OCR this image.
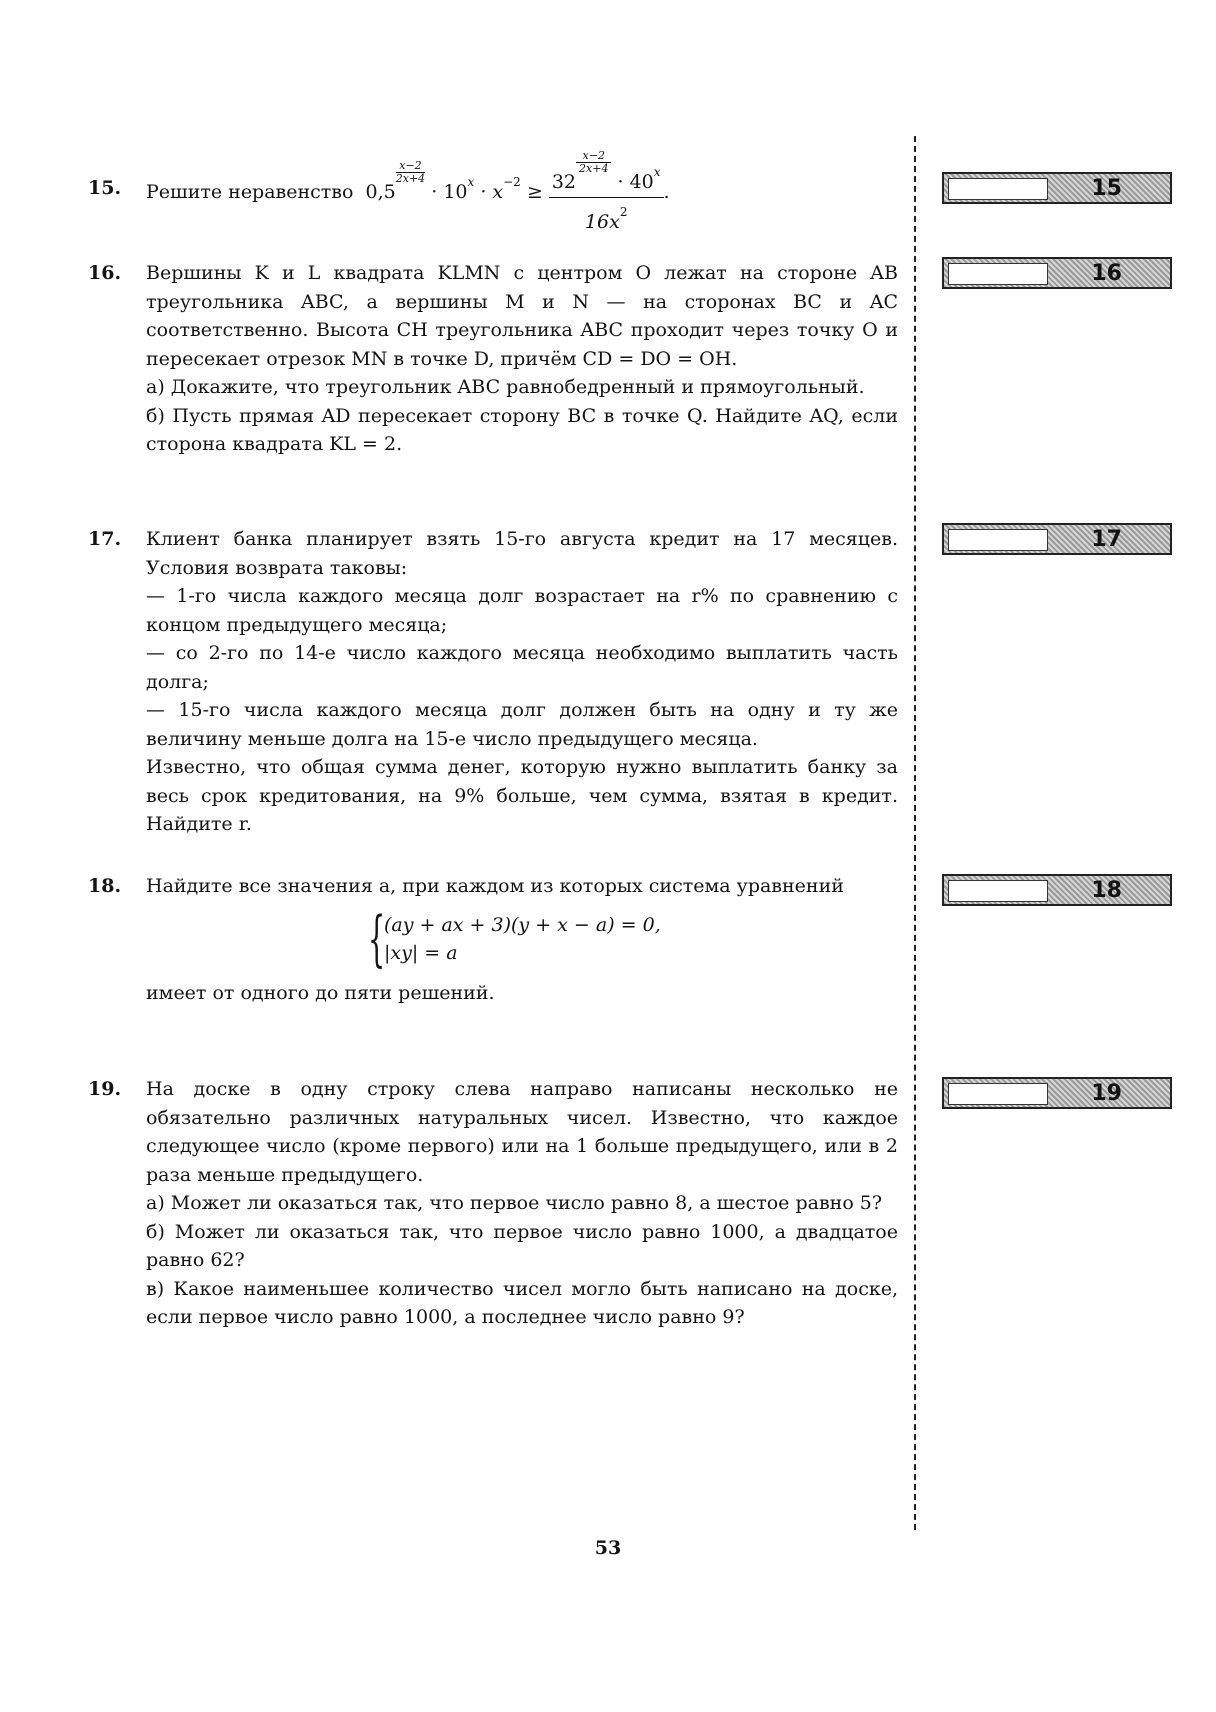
15. Решите неравенство 0,5
$\frac{x-2}{2x+4}$
· $10^x \cdot x^{-2} \ge 32$
$\frac{x-2}{2x+4}$
· $40^x$
$16x^2$ .
16. Вершины K и L квадрата KLMN с центром O лежат на стороне AB треугольника ABC, а вершины M и N — на сторонах BC и AC соответственно. Высота CH треугольника ABC проходит через точку O и пересекает отрезок MN в точке D, причём CD = DO = OH.

а) Докажите, что треугольник ABC равнобедренный и прямоугольный.

б) Пусть прямая AD пересекает сторону BC в точке Q. Найдите AQ, если сторона квадрата KL = 2.

17. Клиент банка планирует взять 15-го августа кредит на 17 месяцев. Условия возврата таковы:

— 1-го числа каждого месяца долг возрастает на r% по сравнению с концом предыдущего месяца;

— со 2-го по 14-е число каждого месяца необходимо выплатить часть долга;

— 15-го числа каждого месяца долг должен быть на одну и ту же величину меньше долга на 15-е число предыдущего месяца.

Известно, что общая сумма денег, которую нужно выплатить банку за весь срок кредитования, на 9% больше, чем сумма, взятая в кредит. Найдите r.

18. Найдите все значения a, при каждом из которых система уравнений

{
(ay + ax + 3)(y + x − a) = 0,
|xy| = a

имеет от одного до пяти решений.

19. На доске в одну строку слева направо написаны несколько не обязательно различных натуральных чисел. Известно, что каждое следующее число (кроме первого) или на 1 больше предыдущего, или в 2 раза меньше предыдущего.

а) Может ли оказаться так, что первое число равно 8, а шестое равно 5?

б) Может ли оказаться так, что первое число равно 1000, а двадцатое равно 62?

в) Какое наименьшее количество чисел могло быть написано на доске, если первое число равно 1000, а последнее число равно 9?

15
16
17
18
19
53
